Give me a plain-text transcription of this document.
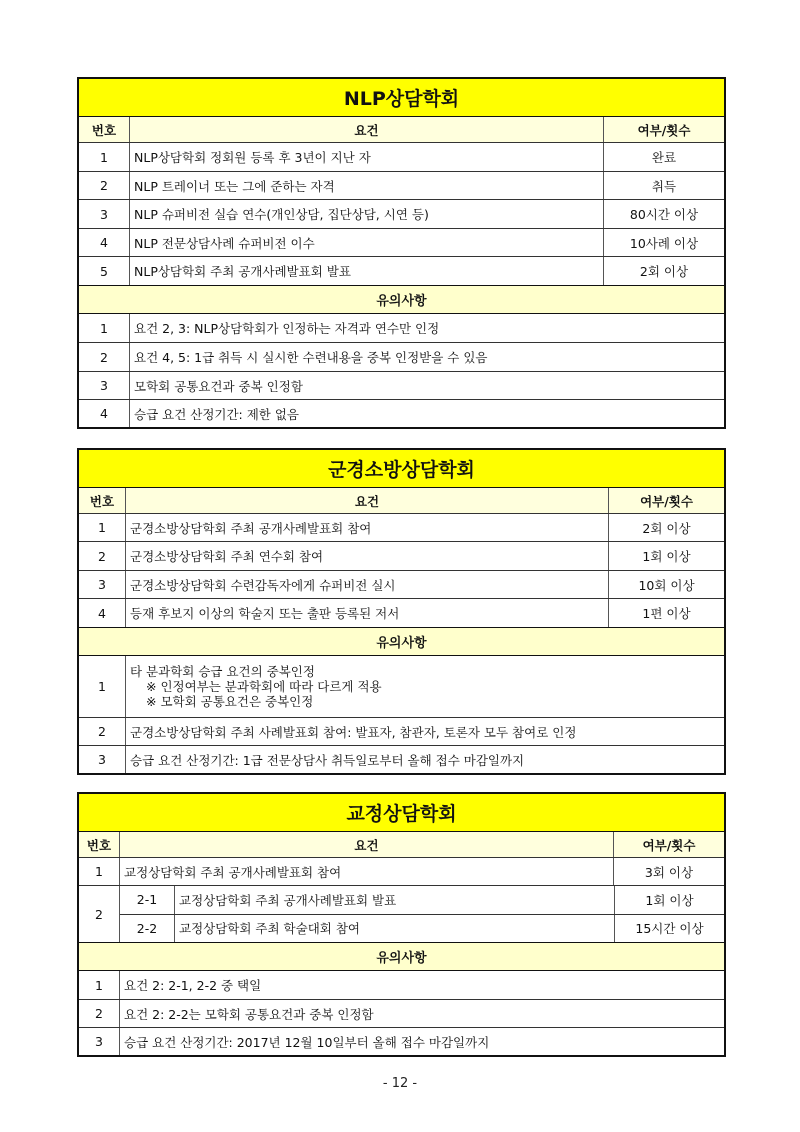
NLP상담학회
번호	요건	여부/횟수
1	NLP상담학회 정회원 등록 후 3년이 지난 자	완료
2	NLP 트레이너 또는 그에 준하는 자격	취득
3	NLP 슈퍼비전 실습 연수(개인상담, 집단상담, 시연 등)	80시간 이상
4	NLP 전문상담사례 슈퍼비전 이수	10사례 이상
5	NLP상담학회 주최 공개사례발표회 발표	2회 이상
유의사항
1	요건 2, 3: NLP상담학회가 인정하는 자격과 연수만 인정
2	요건 4, 5: 1급 취득 시 실시한 수련내용을 중복 인정받을 수 있음
3	모학회 공통요건과 중복 인정함
4	승급 요건 산정기간: 제한 없음
군경소방상담학회
번호	요건	여부/횟수
1	군경소방상담학회 주최 공개사례발표회 참여	2회 이상
2	군경소방상담학회 주최 연수회 참여	1회 이상
3	군경소방상담학회 수련감독자에게 슈퍼비전 실시	10회 이상
4	등재 후보지 이상의 학술지 또는 출판 등록된 저서	1편 이상
유의사항
1
타 분과학회 승급 요건의 중복인정
※ 인정여부는 분과학회에 따라 다르게 적용
※ 모학회 공통요건은 중복인정
2	군경소방상담학회 주최 사례발표회 참여: 발표자, 참관자, 토론자 모두 참여로 인정
3	승급 요건 산정기간: 1급 전문상담사 취득일로부터 올해 접수 마감일까지
교정상담학회
번호	요건	여부/횟수
1	교정상담학회 주최 공개사례발표회 참여	3회 이상
2
2-1	교정상담학회 주최 공개사례발표회 발표	1회 이상
2-2	교정상담학회 주최 학술대회 참여	15시간 이상
유의사항
1	요건 2: 2-1, 2-2 중 택일
2	요건 2: 2-2는 모학회 공통요건과 중복 인정함
3	승급 요건 산정기간: 2017년 12월 10일부터 올해 접수 마감일까지
- 12 -
